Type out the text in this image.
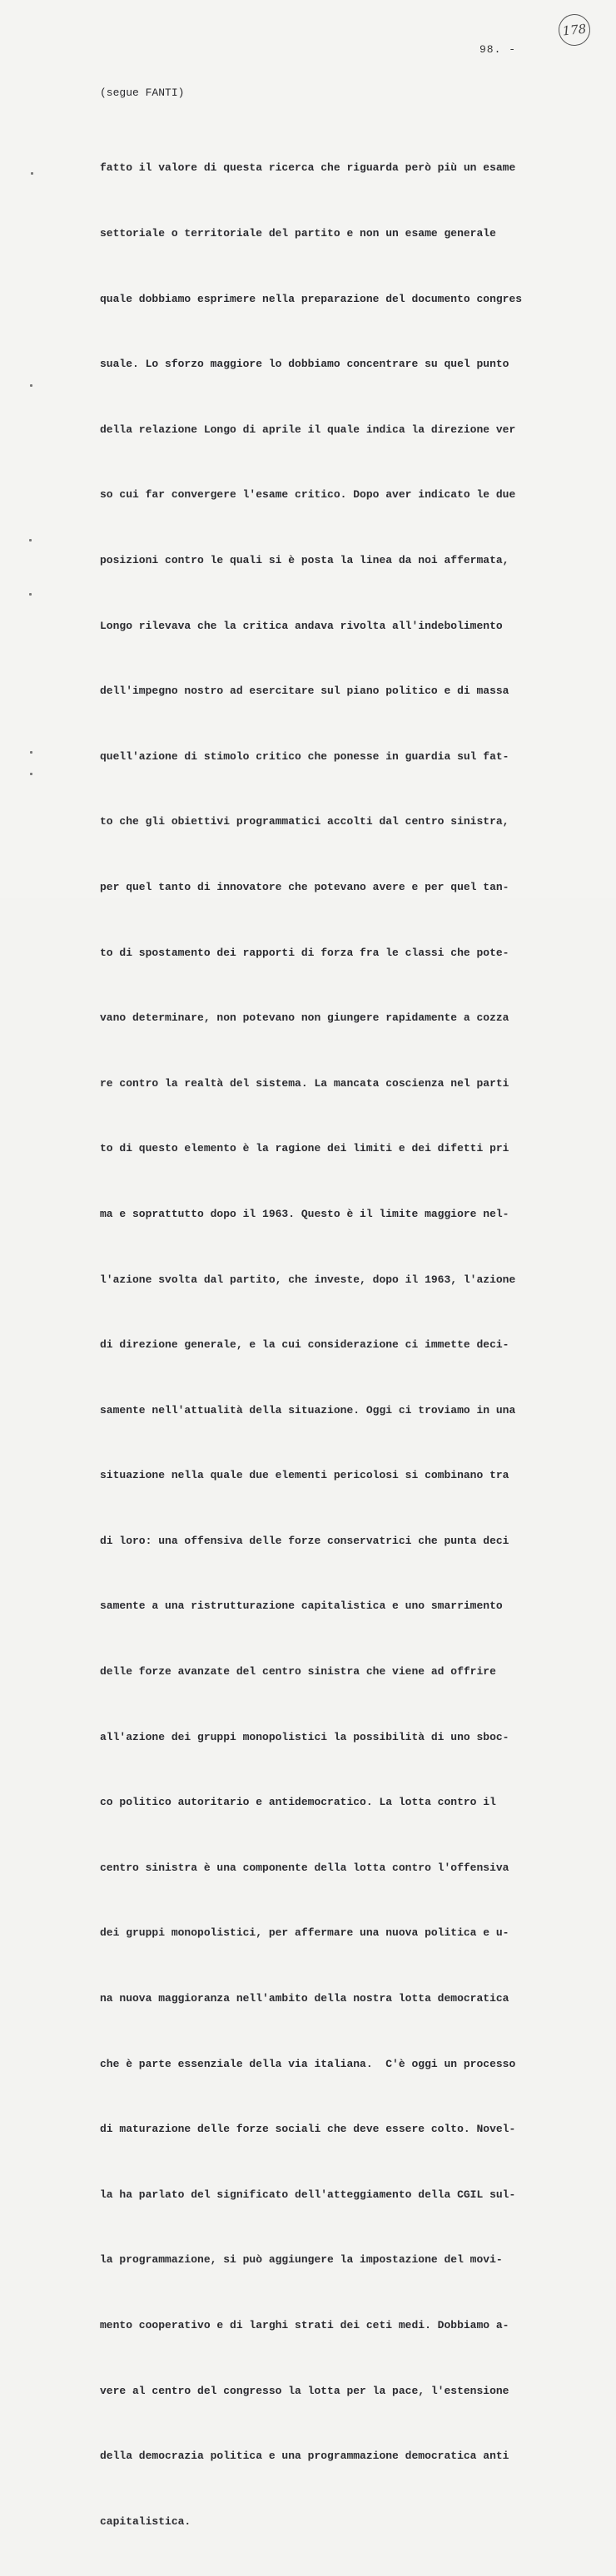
178
98. -
(segue FANTI)

fatto il valore di questa ricerca che riguarda però più un esame

settoriale o territoriale del partito e non un esame generale

quale dobbiamo esprimere nella preparazione del documento congres

suale. Lo sforzo maggiore lo dobbiamo concentrare su quel punto

della relazione Longo di aprile il quale indica la direzione ver

so cui far convergere l'esame critico. Dopo aver indicato le due

posizioni contro le quali si è posta la linea da noi affermata,

Longo rilevava che la critica andava rivolta all'indebolimento

dell'impegno nostro ad esercitare sul piano politico e di massa

quell'azione di stimolo critico che ponesse in guardia sul fat-

to che gli obiettivi programmatici accolti dal centro sinistra,

per quel tanto di innovatore che potevano avere e per quel tan-

to di spostamento dei rapporti di forza fra le classi che pote-

vano determinare, non potevano non giungere rapidamente a cozza

re contro la realtà del sistema. La mancata coscienza nel parti

to di questo elemento è la ragione dei limiti e dei difetti pri

ma e soprattutto dopo il 1963. Questo è il limite maggiore nel-

l'azione svolta dal partito, che investe, dopo il 1963, l'azione

di direzione generale, e la cui considerazione ci immette deci-

samente nell'attualità della situazione. Oggi ci troviamo in una

situazione nella quale due elementi pericolosi si combinano tra

di loro: una offensiva delle forze conservatrici che punta deci

samente a una ristrutturazione capitalistica e uno smarrimento

delle forze avanzate del centro sinistra che viene ad offrire

all'azione dei gruppi monopolistici la possibilità di uno sboc-

co politico autoritario e antidemocratico. La lotta contro il

centro sinistra è una componente della lotta contro l'offensiva

dei gruppi monopolistici, per affermare una nuova politica e u-

na nuova maggioranza nell'ambito della nostra lotta democratica

che è parte essenziale della via italiana.  C'è oggi un processo

di maturazione delle forze sociali che deve essere colto. Novel-

la ha parlato del significato dell'atteggiamento della CGIL sul-

la programmazione, si può aggiungere la impostazione del movi-

mento cooperativo e di larghi strati dei ceti medi. Dobbiamo a-

vere al centro del congresso la lotta per la pace, l'estensione

della democrazia politica e una programmazione democratica anti

capitalistica.
